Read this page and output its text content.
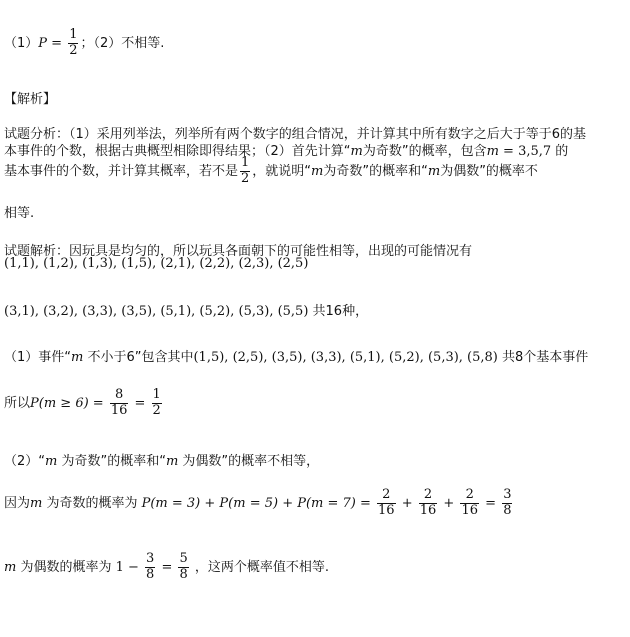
$(1)P = \frac{1}{2}$ ；（2）不相等.
【解析】
试题分析：（1）采用列举法，列举所有两个数字的组合情况，并计算其中所有数字之后大于等于6的基
本事件的个数，根据古典概型相除即得结果；（2）首先计算“m为奇数”的概率，包含m = 3,5,7 的
基本事件的个数，并计算其概率，若不是 $\frac{1}{2}$ ，就说明“m为奇数”的概率和“m为偶数”的概率不
相等.
试题解析：因玩具是均匀的，所以玩具各面朝下的可能性相等，出现的可能情况有
(1,1), (1,2), (1,3), (1,5), (2,1), (2,2), (2,3), (2,5)
(3,1), (3,2), (3,3), (3,5), (5,1), (5,2), (5,3), (5,5) 共16种，
（1）事件“m 不小于6”包含其中(1,5), (2,5), (3,5), (3,3), (5,1), (5,2), (5,3), (5,8) 共8个基本事件
所以$P(m \ge 6) = \frac{8}{16} = \frac{1}{2}$
（2）“m 为奇数”的概率和“m 为偶数”的概率不相等，
因为m 为奇数的概率为 $P(m = 3) + P(m = 5) + P(m = 7) = \frac{2}{16} + \frac{2}{16} + \frac{2}{16} = \frac{3}{8}$
m 为偶数的概率为 $1 - \frac{3}{8} = \frac{5}{8}$ ，这两个概率值不相等.
